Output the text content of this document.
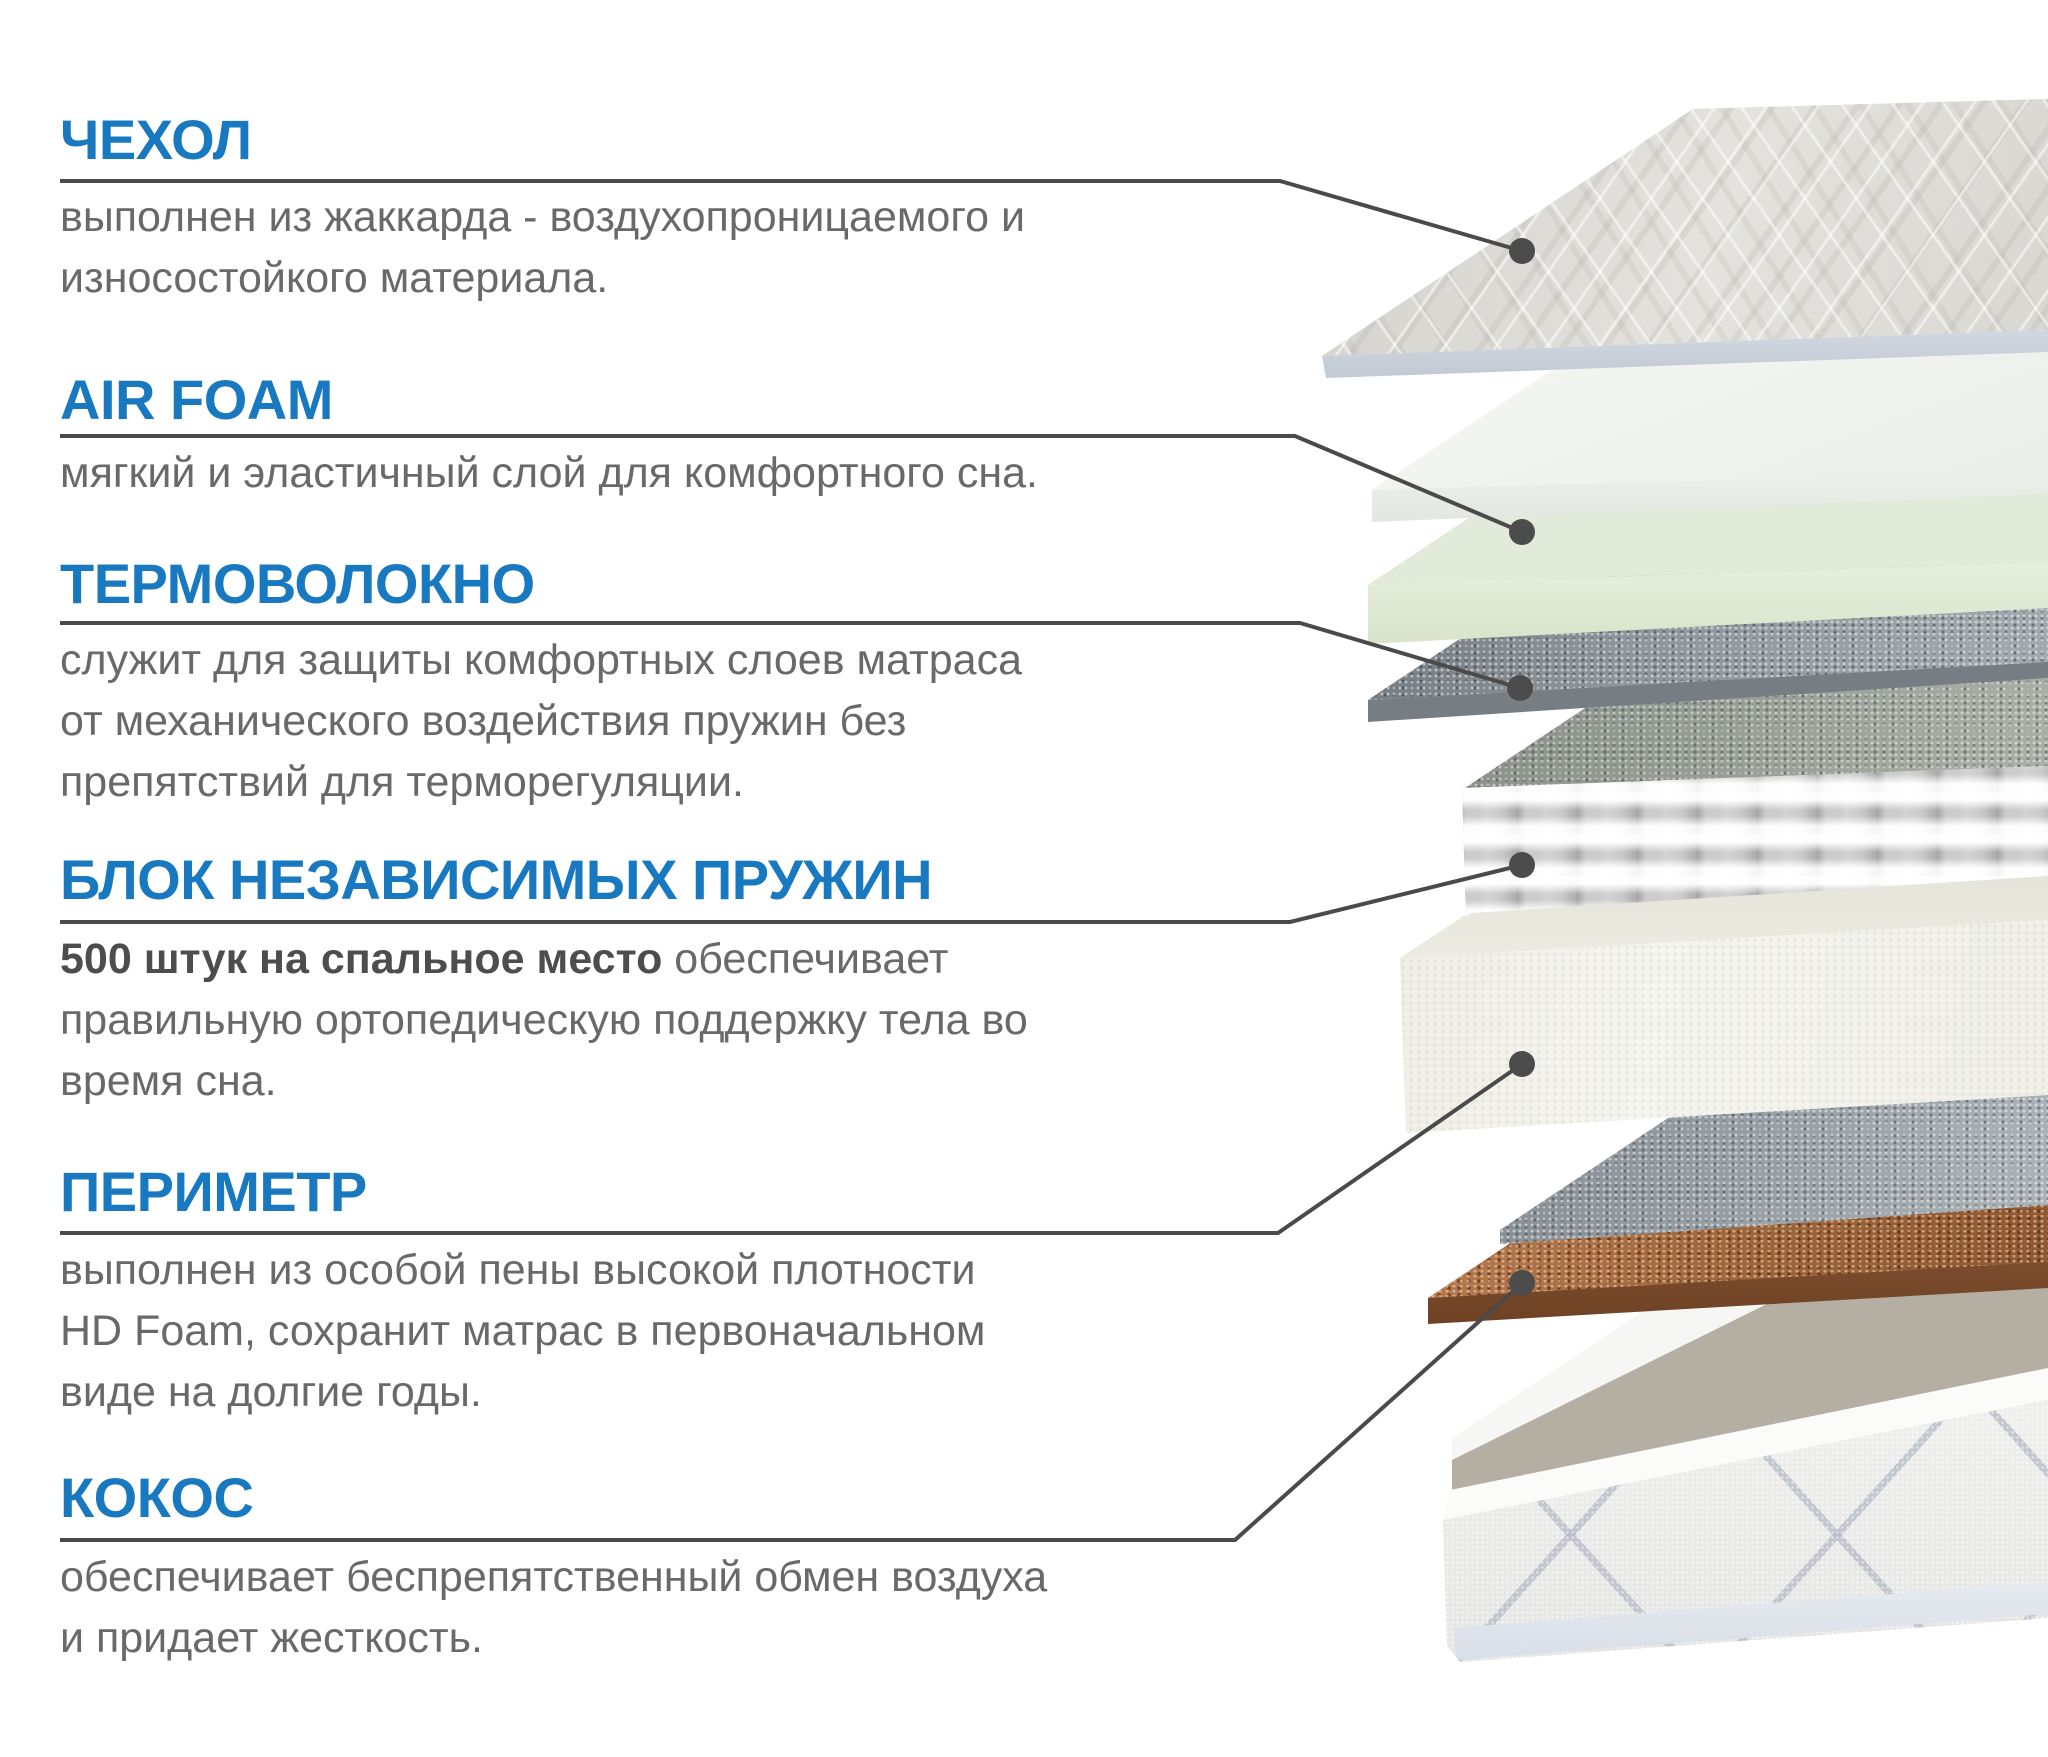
ЧЕХОЛ
выполнен из жаккарда - воздухопроницаемого и износостойкого материала.
AIR FOAM
мягкий и эластичный слой для комфортного сна.
ТЕРМОВОЛОКНО
служит для защиты комфортных слоев матраса от механического воздействия пружин без препятствий для терморегуляции.
БЛОК НЕЗАВИСИМЫХ ПРУЖИН
500 штук на спальное место обеспечивает правильную ортопедическую поддержку тела во время сна.
ПЕРИМЕТР
выполнен из особой пены высокой плотности HD Foam, сохранит матрас в первоначальном виде на долгие годы.
КОКОС
обеспечивает беспрепятственный обмен воздуха и придает жесткость.
